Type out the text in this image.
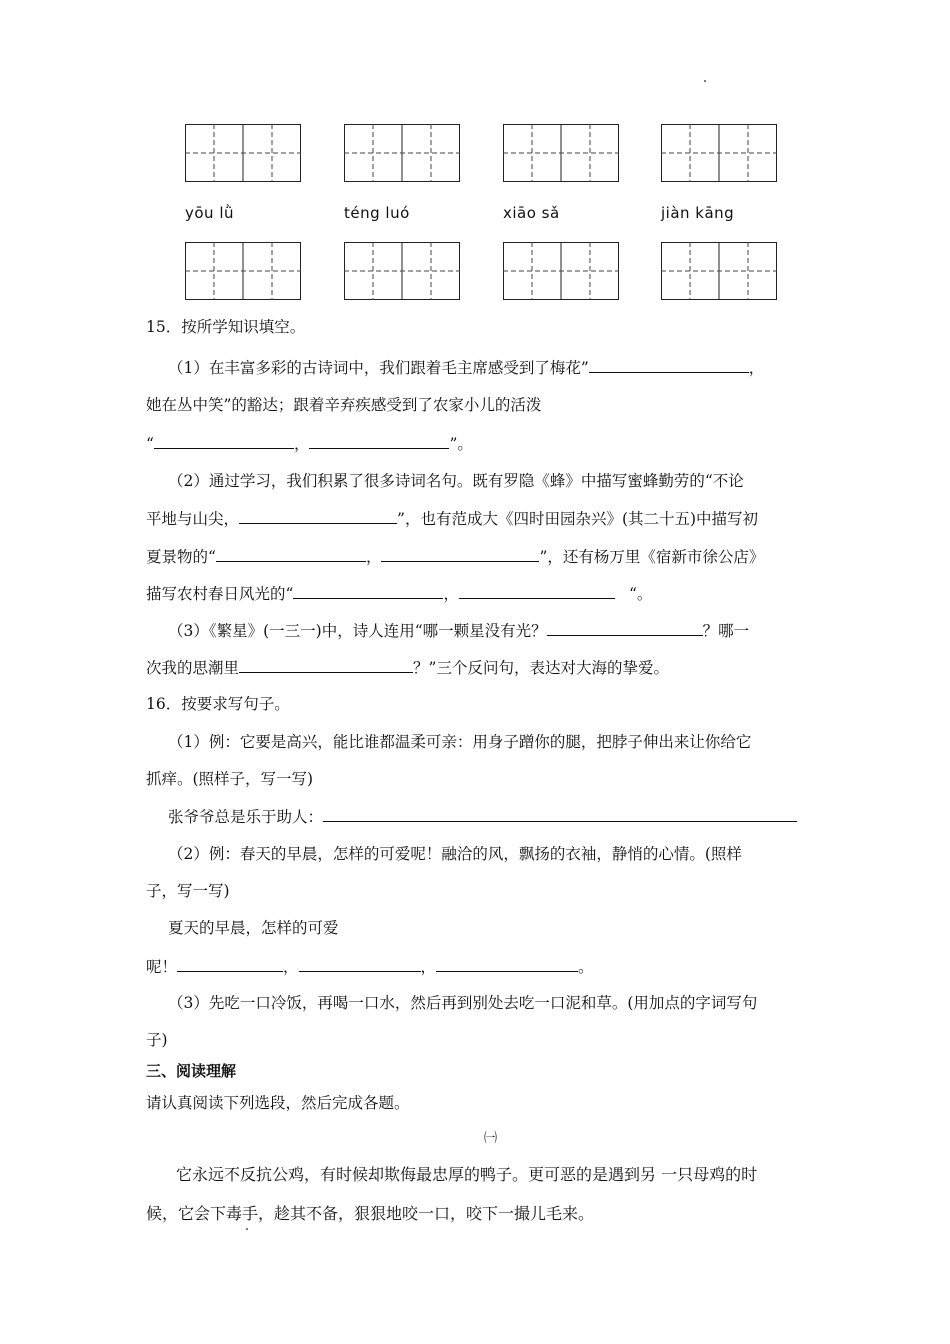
yōu lǜ	téng luó	xiāo sǎ	jiàn kāng
15．按所学知识填空。
（1）在丰富多彩的古诗词中，我们跟着毛主席感受到了梅花”	，
她在丛中笑”的豁达；跟着辛弃疾感受到了农家小儿的活泼
“	，	”。
（2）通过学习，我们积累了很多诗词名句。既有罗隐《蜂》中描写蜜蜂勤劳的“不论
平地与山尖，	”，也有范成大《四时田园杂兴》(其二十五)中描写初
夏景物的“	，	”，还有杨万里《宿新市徐公店》
描写农村春日风光的“	，	“。
（3）《繁星》(一三一)中，诗人连用“哪一颗星没有光？	？哪一
次我的思潮里	？”三个反问句，表达对大海的挚爱。
16．按要求写句子。
（1）例：它要是高兴，能比谁都温柔可亲：用身子蹭你的腿，把脖子伸出来让你给它
抓痒。(照样子，写一写)
张爷爷总是乐于助人：
（2）例：春天的早晨，怎样的可爱呢！融洽的风，飘扬的衣袖，静悄的心情。(照样
子，写一写)
夏天的早晨，怎样的可爱
呢！	，	，	。
（3）先吃一口冷饭，再喝一口水，然后再到别处去吃一口泥和草。(用加点的字词写句
子)
三、阅读理解
请认真阅读下列选段，然后完成各题。
㈠
它永远不反抗公鸡，有时候却欺侮最忠厚的鸭子。更可恶的是遇到另 一只母鸡的时
候，它会下毒手，趁其不备，狠狠地咬一口，咬下一撮儿毛来。
